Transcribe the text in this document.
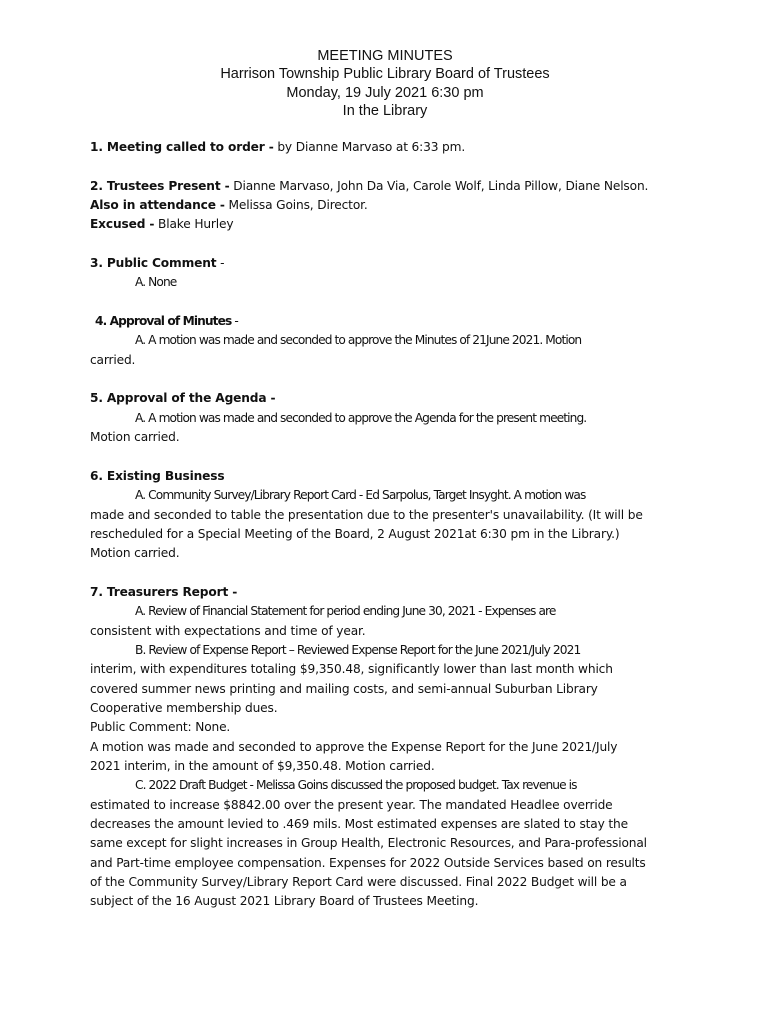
MEETING MINUTES
Harrison Township Public Library Board of Trustees
Monday, 19 July 2021 6:30 pm
In the Library

1. Meeting called to order - by Dianne Marvaso at 6:33 pm.

2. Trustees Present - Dianne Marvaso, John Da Via, Carole Wolf, Linda Pillow, Diane Nelson.

Also in attendance - Melissa Goins, Director.

Excused - Blake Hurley

3. Public Comment -

A. None

4. Approval of Minutes -

A. A motion was made and seconded to approve the Minutes of 21June 2021. Motion

carried.

5. Approval of the Agenda -

A. A motion was made and seconded to approve the Agenda for the present meeting.

Motion carried.

6. Existing Business

A. Community Survey/Library Report Card - Ed Sarpolus, Target Insyght. A motion was

made and seconded to table the presentation due to the presenter's unavailability. (It will be

rescheduled for a Special Meeting of the Board, 2 August 2021at 6:30 pm in the Library.)

Motion carried.

7. Treasurers Report -

A. Review of Financial Statement for period ending June 30, 2021 - Expenses are

consistent with expectations and time of year.

B. Review of Expense Report – Reviewed Expense Report for the June 2021/July 2021

interim, with expenditures totaling $9,350.48, significantly lower than last month which

covered summer news printing and mailing costs, and semi-annual Suburban Library

Cooperative membership dues.

Public Comment: None.

A motion was made and seconded to approve the Expense Report for the June 2021/July

2021 interim, in the amount of $9,350.48. Motion carried.

C. 2022 Draft Budget - Melissa Goins discussed the proposed budget. Tax revenue is

estimated to increase $8842.00 over the present year. The mandated Headlee override

decreases the amount levied to .469 mils. Most estimated expenses are slated to stay the

same except for slight increases in Group Health, Electronic Resources, and Para-professional

and Part-time employee compensation. Expenses for 2022 Outside Services based on results

of the Community Survey/Library Report Card were discussed. Final 2022 Budget will be a

subject of the 16 August 2021 Library Board of Trustees Meeting.
